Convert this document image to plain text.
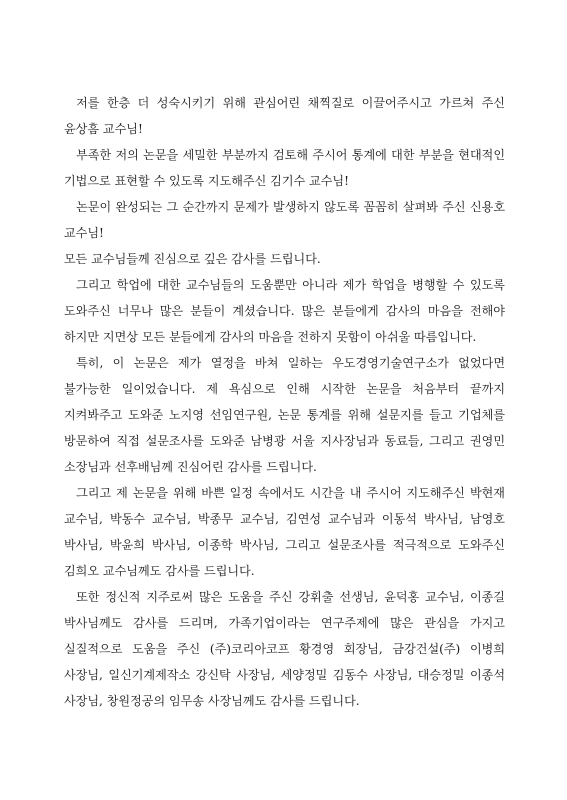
저를 한층 더 성숙시키기 위해 관심어린 채찍질로 이끌어주시고 가르쳐 주신 윤상흠 교수님!

부족한 저의 논문을 세밀한 부분까지 검토해 주시어 통계에 대한 부분을 현대적인 기법으로 표현할 수 있도록 지도해주신 김기수 교수님!

논문이 완성되는 그 순간까지 문제가 발생하지 않도록 꼼꼼히 살펴봐 주신 신용호 교수님!

모든 교수님들께 진심으로 깊은 감사를 드립니다.

그리고 학업에 대한 교수님들의 도움뿐만 아니라 제가 학업을 병행할 수 있도록 도와주신 너무나 많은 분들이 계셨습니다. 많은 분들에게 감사의 마음을 전해야 하지만 지면상 모든 분들에게 감사의 마음을 전하지 못함이 아쉬울 따름입니다.

특히, 이 논문은 제가 열정을 바쳐 일하는 우도경영기술연구소가 없었다면 불가능한 일이었습니다. 제 욕심으로 인해 시작한 논문을 처음부터 끝까지 지켜봐주고 도와준 노지영 선임연구원, 논문 통계를 위해 설문지를 들고 기업체를 방문하여 직접 설문조사를 도와준 남병광 서울 지사장님과 동료들, 그리고 권영민 소장님과 선후배님께 진심어린 감사를 드립니다.

그리고 제 논문을 위해 바쁜 일정 속에서도 시간을 내 주시어 지도해주신 박현재 교수님, 박동수 교수님, 박종무 교수님, 김연성 교수님과 이동석 박사님, 남영호 박사님, 박윤희 박사님, 이종학 박사님, 그리고 설문조사를 적극적으로 도와주신 김희오 교수님께도 감사를 드립니다.

또한 정신적 지주로써 많은 도움을 주신 강휘출 선생님, 윤덕홍 교수님, 이종길 박사님께도 감사를 드리며, 가족기업이라는 연구주제에 많은 관심을 가지고 실질적으로 도움을 주신 (주)코리아코프 황경영 회장님, 금강건설(주) 이병희 사장님, 일신기계제작소 강신탁 사장님, 세양정밀 김동수 사장님, 대승정밀 이종석 사장님, 창원정공의 임무송 사장님께도 감사를 드립니다.
